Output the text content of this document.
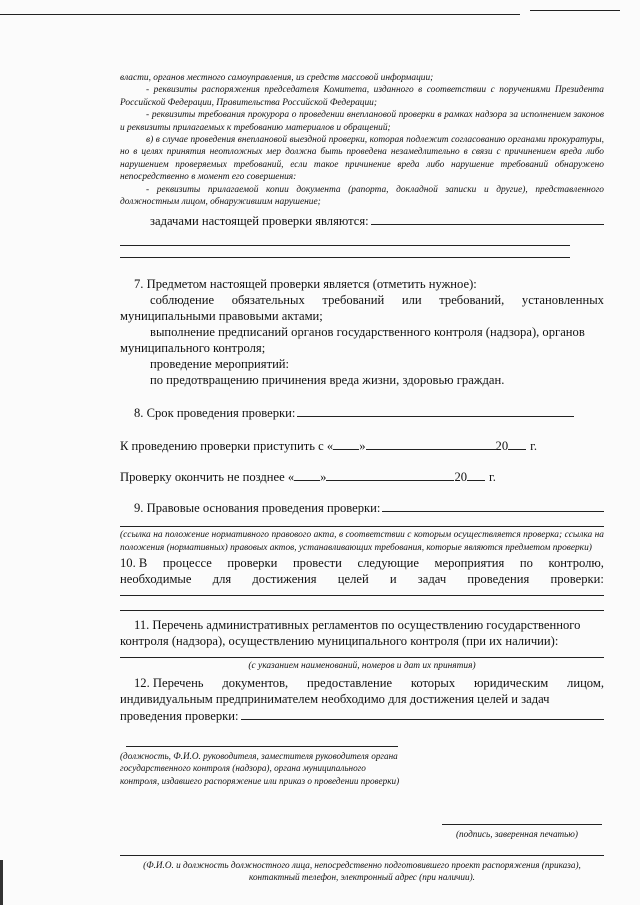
власти, органов местного самоуправления, из средств массовой информации;

- реквизиты распоряжения председателя Комитета, изданного в соответствии с поручениями Президента Российской Федерации, Правительства Российской Федерации;

- реквизиты требования прокурора о проведении внеплановой проверки в рамках надзора за исполнением законов и реквизиты прилагаемых к требованию материалов и обращений;

в) в случае проведения внеплановой выездной проверки, которая подлежит согласованию органами прокуратуры, но в целях принятия неотложных мер должна быть проведена незамедлительно в связи с причинением вреда либо нарушением проверяемых требований, если такое причинение вреда либо нарушение требований обнаружено непосредственно в момент его совершения:

- реквизиты прилагаемой копии документа (рапорта, докладной записки и другие), представленного должностным лицом, обнаружившим нарушение;

задачами настоящей проверки являются:

7. Предметом настоящей проверки является (отметить нужное):

соблюдение обязательных требований или требований, установленных

муниципальными правовыми актами;

выполнение предписаний органов государственного контроля (надзора), органов

муниципального контроля;

проведение мероприятий:

по предотвращению причинения вреда жизни, здоровью граждан.

8. Срок проведения проверки:
К проведению проверки приступить с « »	20 г.
Проверку окончить не позднее « »	20 г.
9. Правовые основания проведения проверки:

(ссылка на положение нормативного правового акта, в соответствии с которым осуществляется проверка; ссылка на положения (нормативных) правовых актов, устанавливающих требования, которые являются предметом проверки)

10. В процессе проверки провести следующие мероприятия по контролю,
необходимые для достижения целей и задач проведения проверки:

11. Перечень административных регламентов по осуществлению государственного

контроля (надзора), осуществлению муниципального контроля (при их наличии):

(с указанием наименований, номеров и дат их принятия)

12. Перечень документов, предоставление которых юридическим лицом,

индивидуальным предпринимателем необходимо для достижения целей и задач

проведения проверки:
(должность, Ф.И.О. руководителя, заместителя руководителя органа государственного контроля (надзора), органа муниципального контроля, издавшего распоряжение или приказ о проведении проверки)
(подпись, заверенная печатью)
(Ф.И.О. и должность должностного лица, непосредственно подготовившего проект распоряжения (приказа), контактный телефон, электронный адрес (при наличии).
